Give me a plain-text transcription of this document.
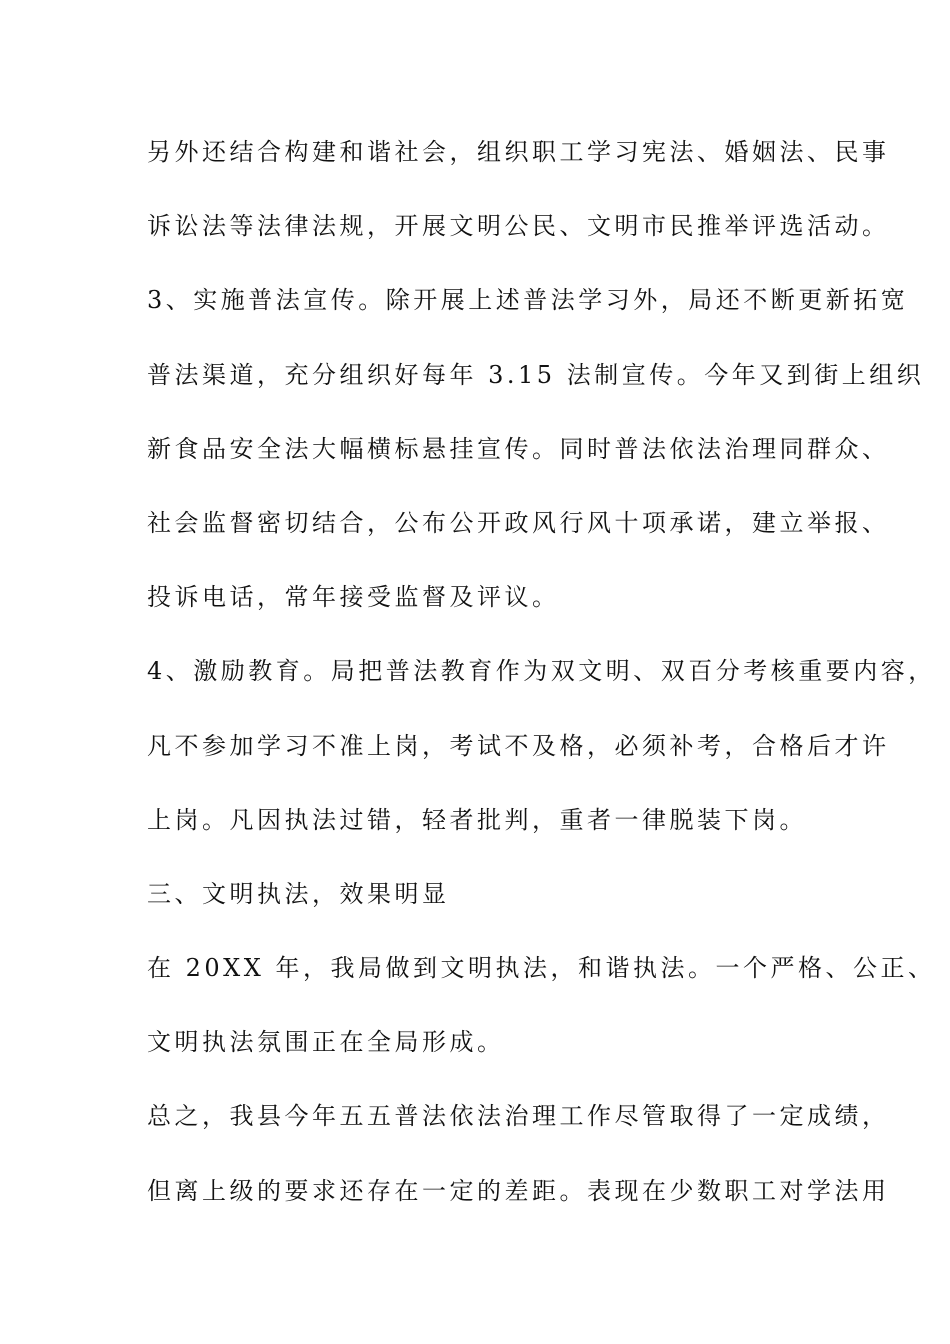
另外还结合构建和谐社会，组织职工学习宪法、婚姻法、民事
诉讼法等法律法规，开展文明公民、文明市民推举评选活动。
3、实施普法宣传。除开展上述普法学习外，局还不断更新拓宽
普法渠道，充分组织好每年 3.15 法制宣传。今年又到街上组织
新食品安全法大幅横标悬挂宣传。同时普法依法治理同群众、
社会监督密切结合，公布公开政风行风十项承诺，建立举报、
投诉电话，常年接受监督及评议。
4、激励教育。局把普法教育作为双文明、双百分考核重要内容，
凡不参加学习不准上岗，考试不及格，必须补考，合格后才许
上岗。凡因执法过错，轻者批判，重者一律脱装下岗。
三、文明执法，效果明显
在 20XX 年，我局做到文明执法，和谐执法。一个严格、公正、
文明执法氛围正在全局形成。
总之，我县今年五五普法依法治理工作尽管取得了一定成绩，
但离上级的要求还存在一定的差距。表现在少数职工对学法用
